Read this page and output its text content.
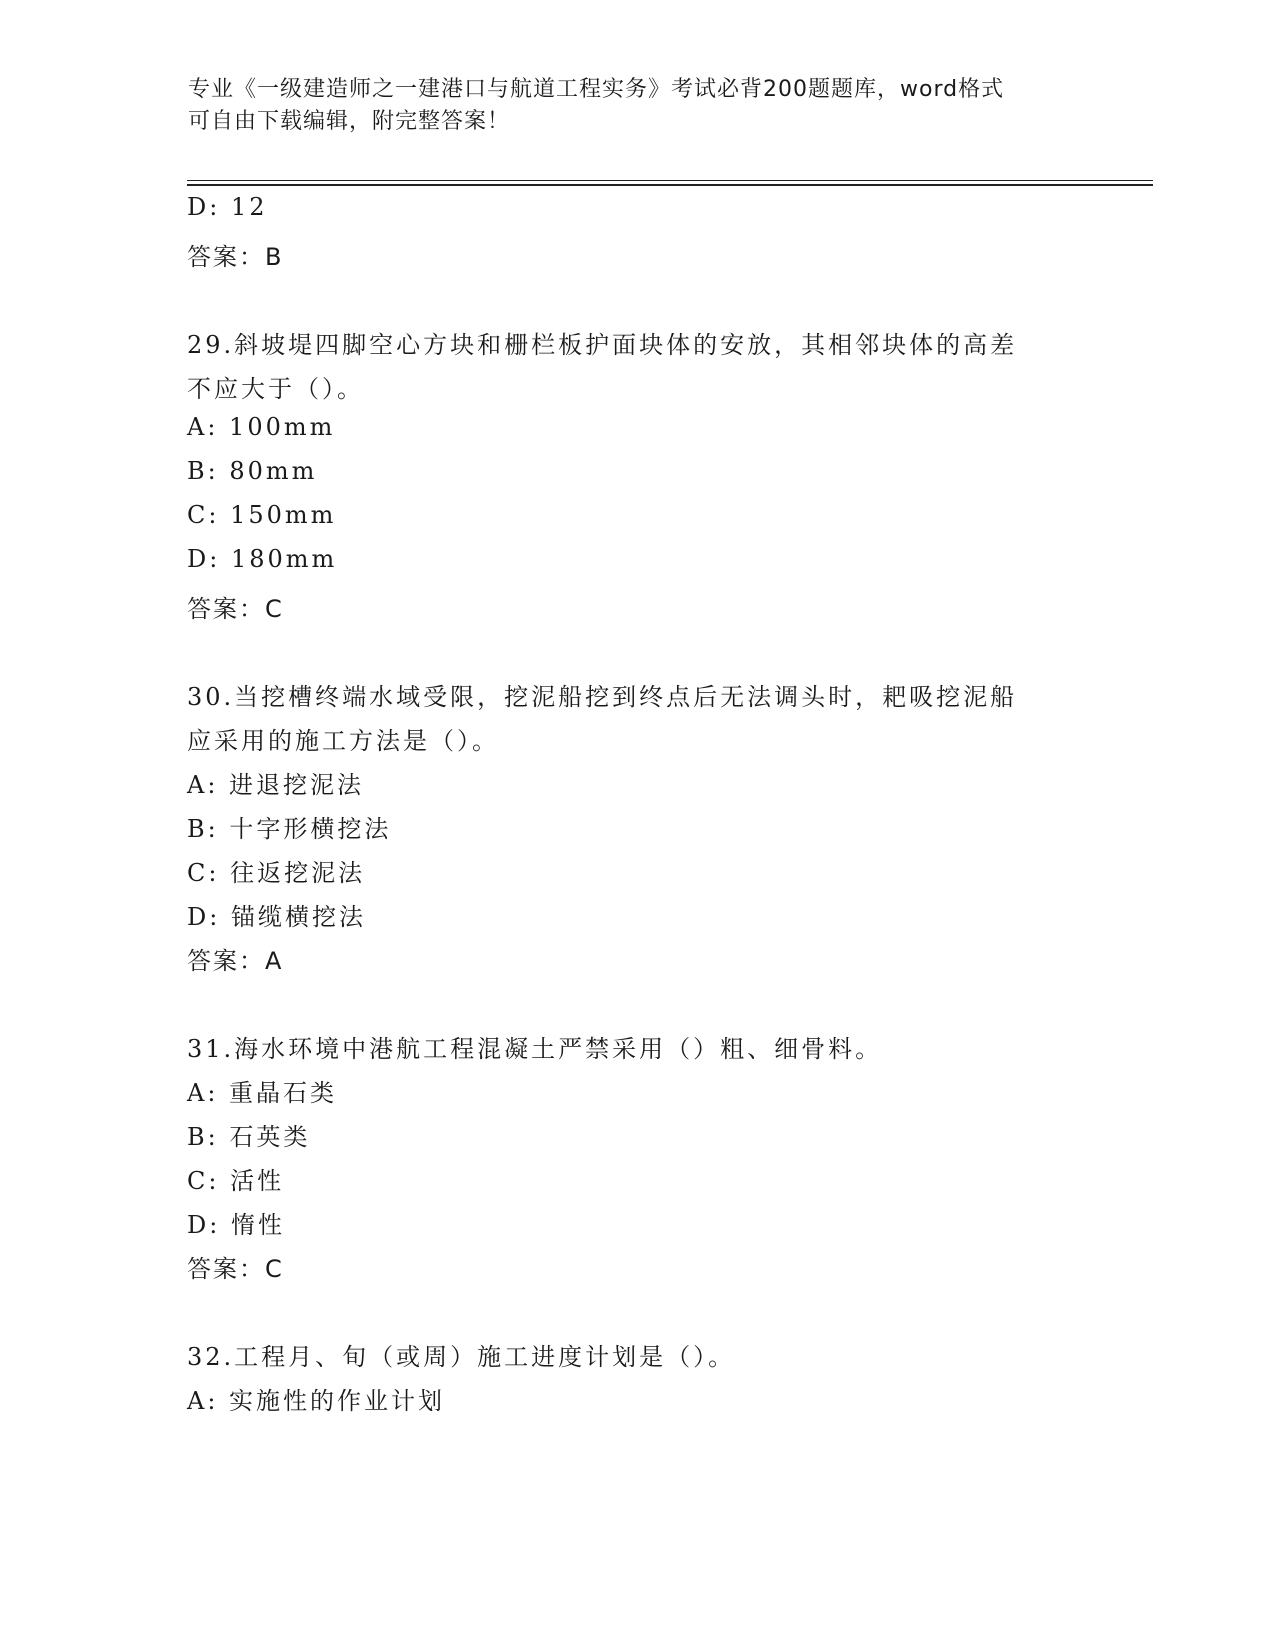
专业《一级建造师之一建港口与航道工程实务》考试必背200题题库，word格式
可自由下载编辑，附完整答案！
D: 12
答案：B
29.斜坡堤四脚空心方块和栅栏板护面块体的安放，其相邻块体的高差
不应大于（）。
A: 100mm
B: 80mm
C: 150mm
D: 180mm
答案：C
30.当挖槽终端水域受限，挖泥船挖到终点后无法调头时，耙吸挖泥船
应采用的施工方法是（）。
A: 进退挖泥法
B: 十字形横挖法
C: 往返挖泥法
D: 锚缆横挖法
答案：A
31.海水环境中港航工程混凝土严禁采用（）粗、细骨料。
A: 重晶石类
B: 石英类
C: 活性
D: 惰性
答案：C
32.工程月、旬（或周）施工进度计划是（）。
A: 实施性的作业计划
